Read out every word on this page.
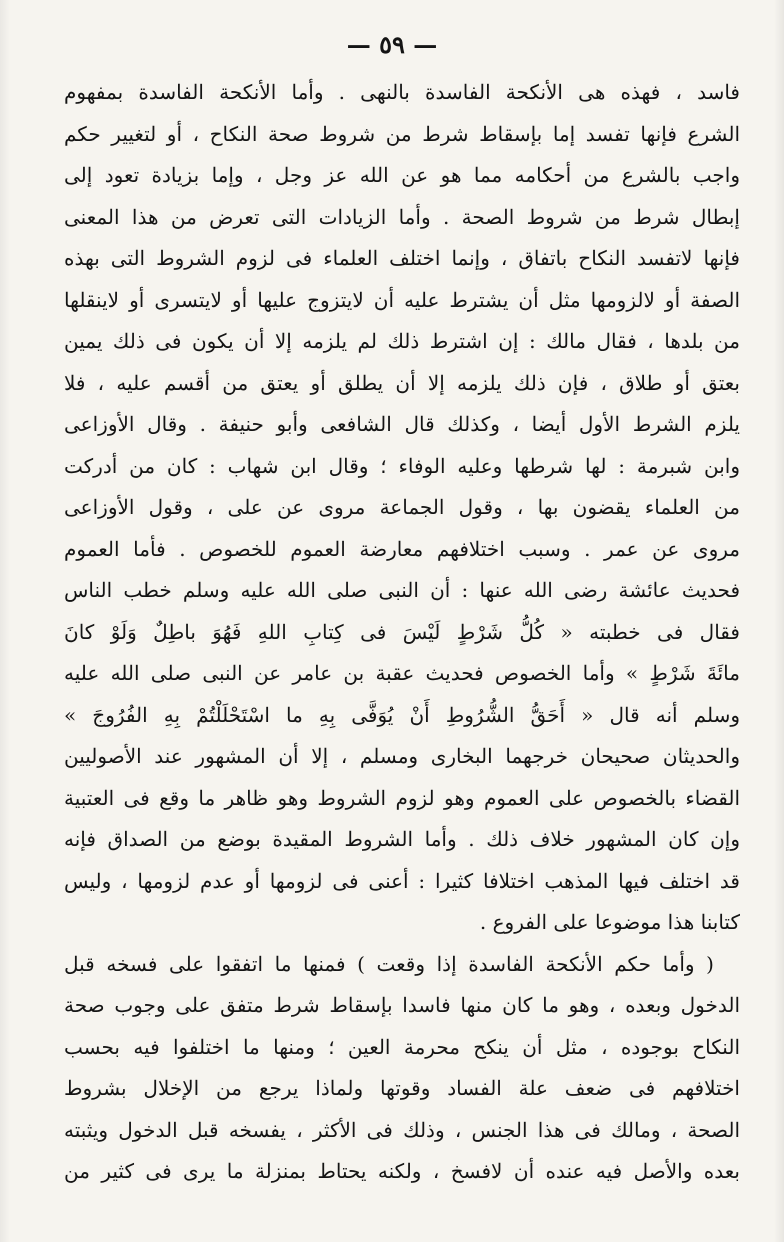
— ٥٩ —
فاسد ، فهذه هى الأنكحة الفاسدة بالنهى . وأما الأنكحة الفاسدة بمفهوم
الشرع فإنها تفسد إما بإسقاط شرط من شروط صحة النكاح ، أو لتغيير حكم
واجب بالشرع من أحكامه مما هو عن الله عز وجل ، وإما بزيادة تعود إلى
إبطال شرط من شروط الصحة . وأما الزيادات التى تعرض من هذا المعنى
فإنها لاتفسد النكاح باتفاق ، وإنما اختلف العلماء فى لزوم الشروط التى بهذه
الصفة أو لالزومها مثل أن يشترط عليه أن لايتزوج عليها أو لايتسرى أو لاينقلها
من بلدها ، فقال مالك : إن اشترط ذلك لم يلزمه إلا أن يكون فى ذلك يمين
بعتق أو طلاق ، فإن ذلك يلزمه إلا أن يطلق أو يعتق من أقسم عليه ، فلا
يلزم الشرط الأول أيضا ، وكذلك قال الشافعى وأبو حنيفة . وقال الأوزاعى
وابن شبرمة : لها شرطها وعليه الوفاء ؛ وقال ابن شهاب : كان من أدركت
من العلماء يقضون بها ، وقول الجماعة مروى عن على ، وقول الأوزاعى
مروى عن عمر . وسبب اختلافهم معارضة العموم للخصوص . فأما العموم
فحديث عائشة رضى الله عنها : أن النبى صلى الله عليه وسلم خطب الناس
فقال فى خطبته « كُلُّ شَرْطٍ لَيْسَ فى كِتابِ اللهِ فَهُوَ باطِلٌ وَلَوْ كانَ
مائَةَ شَرْطٍ » وأما الخصوص فحديث عقبة بن عامر عن النبى صلى الله عليه
وسلم أنه قال « أَحَقُّ الشُّرُوطِ أَنْ يُوَفَّى بِهِ ما اسْتَحْلَلْتُمْ بِهِ الفُرُوجَ »
والحديثان صحيحان خرجهما البخارى ومسلم ، إلا أن المشهور عند الأصوليين
القضاء بالخصوص على العموم وهو لزوم الشروط وهو ظاهر ما وقع فى العتبية
وإن كان المشهور خلاف ذلك . وأما الشروط المقيدة بوضع من الصداق فإنه
قد اختلف فيها المذهب اختلافا كثيرا : أعنى فى لزومها أو عدم لزومها ، وليس
كتابنا هذا موضوعا على الفروع .
( وأما حكم الأنكحة الفاسدة إذا وقعت ) فمنها ما اتفقوا على فسخه قبل
الدخول وبعده ، وهو ما كان منها فاسدا بإسقاط شرط متفق على وجوب صحة
النكاح بوجوده ، مثل أن ينكح محرمة العين ؛ ومنها ما اختلفوا فيه بحسب
اختلافهم فى ضعف علة الفساد وقوتها ولماذا يرجع من الإخلال بشروط
الصحة ، ومالك فى هذا الجنس ، وذلك فى الأكثر ، يفسخه قبل الدخول ويثبته
بعده والأصل فيه عنده أن لافسخ ، ولكنه يحتاط بمنزلة ما يرى فى كثير من
